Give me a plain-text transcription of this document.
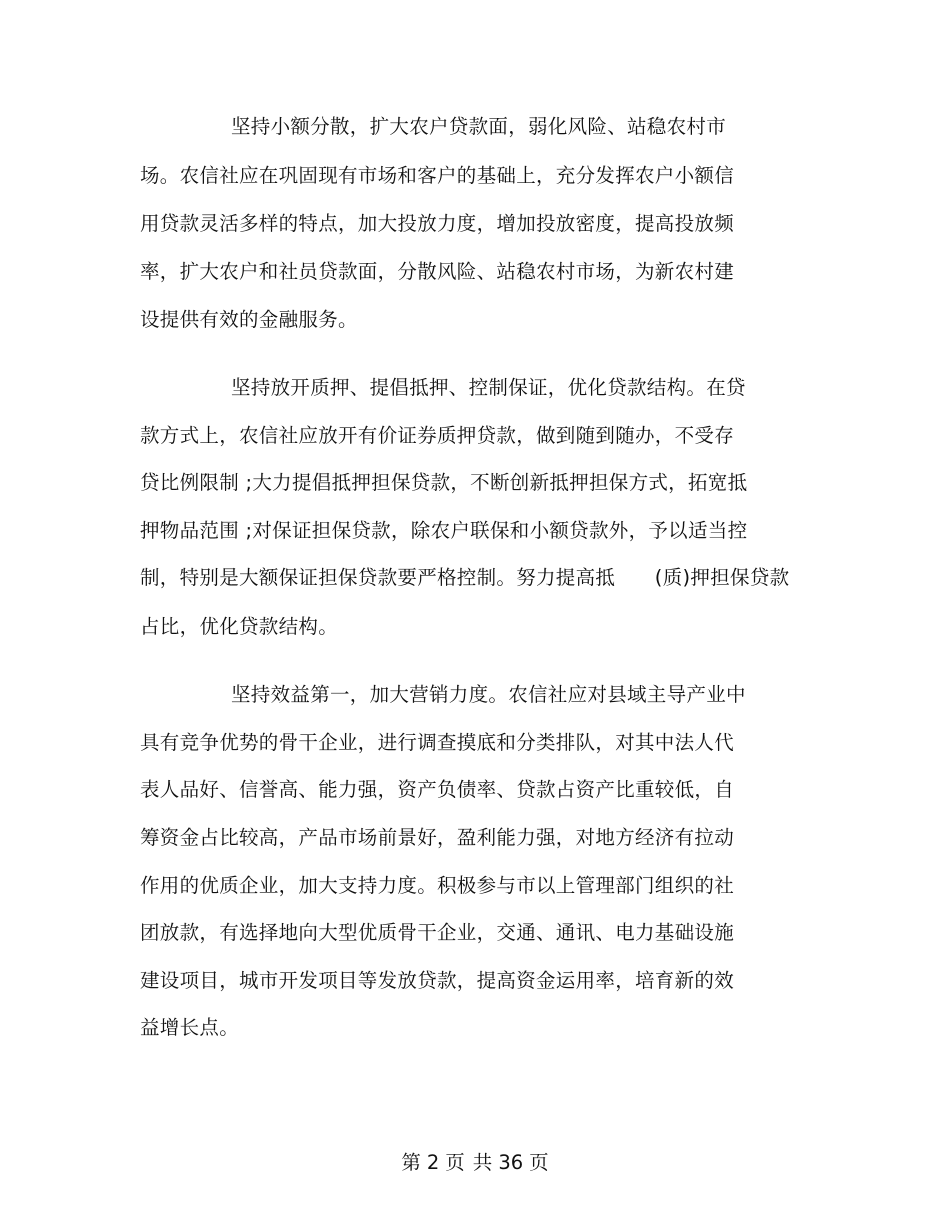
坚持小额分散，扩大农户贷款面，弱化风险、站稳农村市
场。农信社应在巩固现有市场和客户的基础上，充分发挥农户小额信
用贷款灵活多样的特点，加大投放力度，增加投放密度，提高投放频
率，扩大农户和社员贷款面，分散风险、站稳农村市场，为新农村建
设提供有效的金融服务。
坚持放开质押、提倡抵押、控制保证，优化贷款结构。在贷
款方式上，农信社应放开有价证券质押贷款，做到随到随办，不受存
贷比例限制 ;大力提倡抵押担保贷款，不断创新抵押担保方式，拓宽抵
押物品范围 ;对保证担保贷款，除农户联保和小额贷款外，予以适当控
制，特别是大额保证担保贷款要严格控制。努力提高抵　　(质)押担保贷款
占比，优化贷款结构。
坚持效益第一，加大营销力度。农信社应对县域主导产业中
具有竞争优势的骨干企业，进行调查摸底和分类排队，对其中法人代
表人品好、信誉高、能力强，资产负债率、贷款占资产比重较低，自
筹资金占比较高，产品市场前景好，盈利能力强，对地方经济有拉动
作用的优质企业，加大支持力度。积极参与市以上管理部门组织的社
团放款，有选择地向大型优质骨干企业，交通、通讯、电力基础设施
建设项目，城市开发项目等发放贷款，提高资金运用率，培育新的效
益增长点。
第 2 页 共 36 页
